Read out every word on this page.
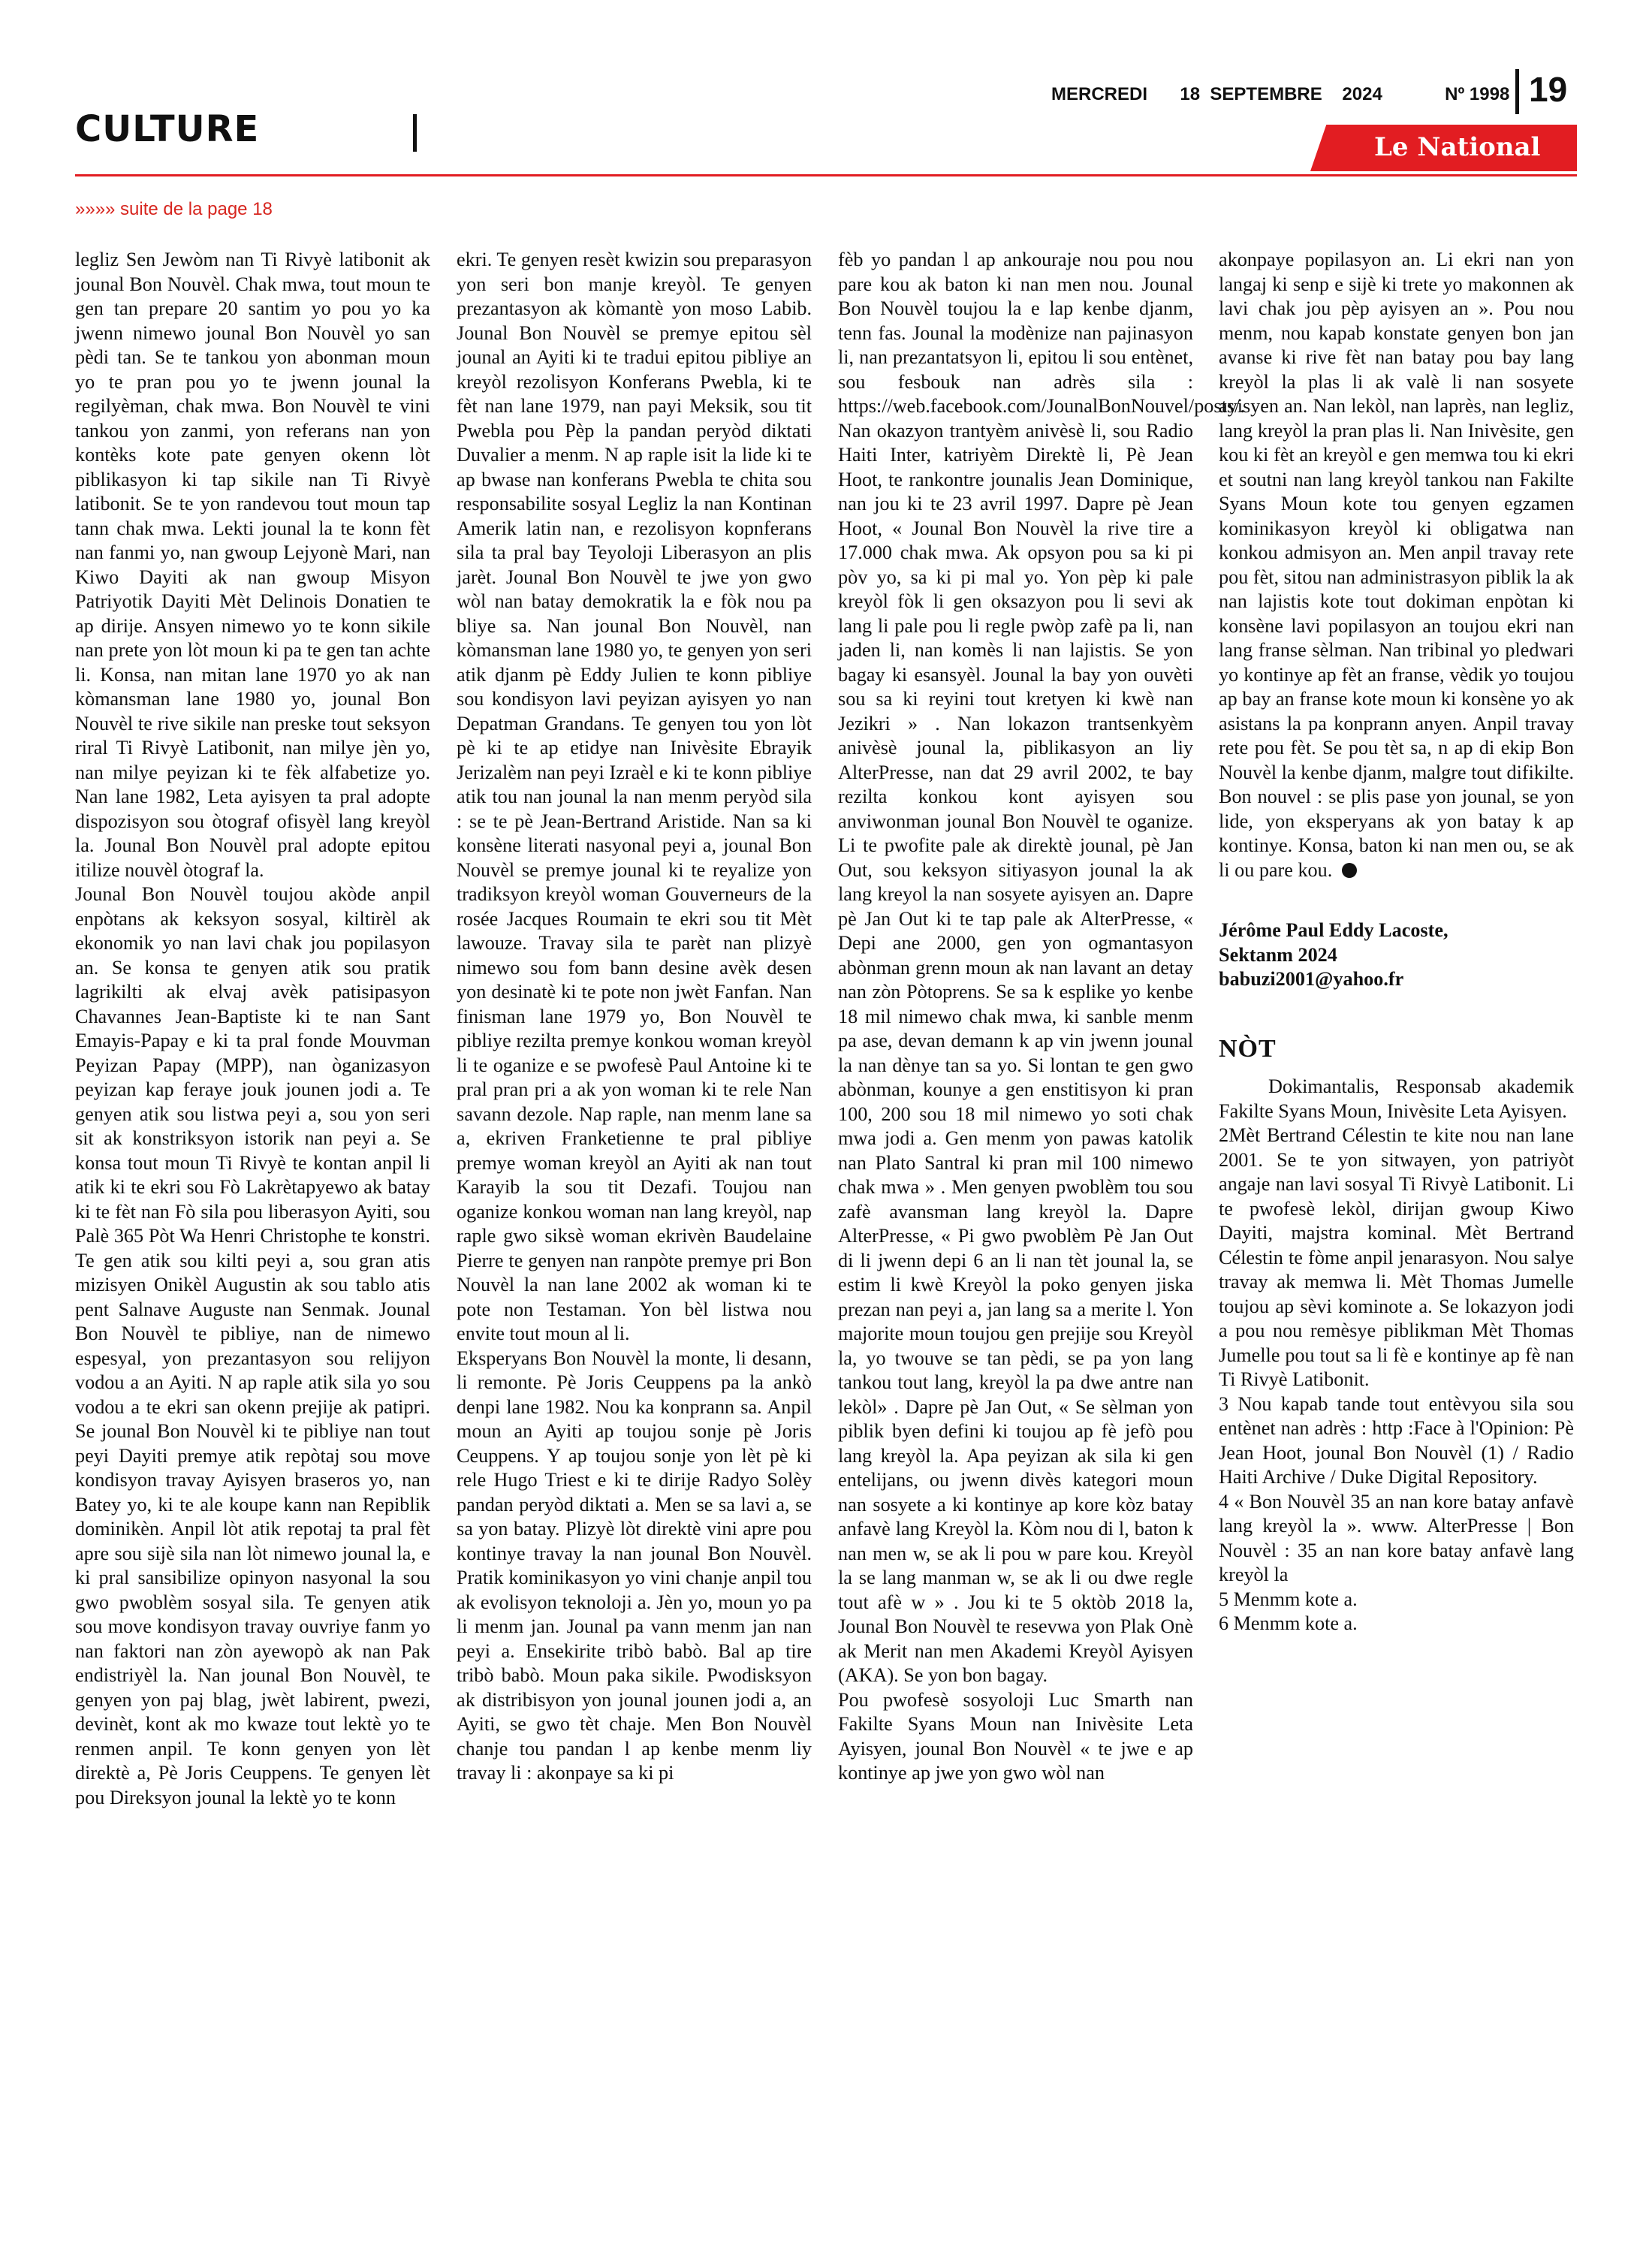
CULTURE
MERCREDI 18  SEPTEMBRE    2024	Nº 1998 19
Le National
»»»» suite de la page 18

legliz Sen Jewòm nan Ti Rivyè latibonit ak jounal Bon Nouvèl. Chak mwa, tout moun te gen tan prepare 20 santim yo pou yo ka jwenn nimewo jounal Bon Nouvèl yo san pèdi tan. Se te tankou yon abonman moun yo te pran pou yo te jwenn jounal la regilyèman, chak mwa. Bon Nouvèl te vini tankou yon zanmi, yon referans nan yon kontèks kote pate genyen okenn lòt piblikasyon ki tap sikile nan Ti Rivyè latibonit. Se te yon randevou tout moun tap tann chak mwa. Lekti jounal la te konn fèt nan fanmi yo, nan gwoup Lejyonè Mari, nan Kiwo Dayiti ak nan gwoup Misyon Patriyotik Dayiti Mèt Delinois Donatien te ap dirije. Ansyen nimewo yo te konn sikile nan prete yon lòt moun ki pa te gen tan achte li. Konsa, nan mitan lane 1970 yo ak nan kòmansman lane 1980 yo, jounal Bon Nouvèl te rive sikile nan preske tout seksyon riral Ti Rivyè Latibonit, nan milye jèn yo, nan milye peyizan ki te fèk alfabetize yo. Nan lane 1982, Leta ayisyen ta pral adopte dispozisyon sou òtograf ofisyèl lang kreyòl la. Jounal Bon Nouvèl pral adopte epitou itilize nouvèl òtograf la.

Jounal Bon Nouvèl toujou akòde anpil enpòtans ak keksyon sosyal, kiltirèl ak ekonomik yo nan lavi chak jou popilasyon an. Se konsa te genyen atik sou pratik lagrikilti ak elvaj avèk patisipasyon Chavannes Jean-Baptiste ki te nan Sant Emayis-Papay e ki ta pral fonde Mouvman Peyizan Papay (MPP), nan òganizasyon peyizan kap feraye jouk jounen jodi a. Te genyen atik sou listwa peyi a, sou yon seri sit ak konstriksyon istorik nan peyi a. Se konsa tout moun Ti Rivyè te kontan anpil li atik ki te ekri sou Fò Lakrètapyewo ak batay ki te fèt nan Fò sila pou liberasyon Ayiti, sou Palè 365 Pòt Wa Henri Christophe te konstri. Te gen atik sou kilti peyi a, sou gran atis mizisyen Onikèl Augustin ak sou tablo atis pent Salnave Auguste nan Senmak. Jounal Bon Nouvèl te pibliye, nan de nimewo espesyal, yon prezantasyon sou relijyon vodou a an Ayiti. N ap raple atik sila yo sou vodou a te ekri san okenn prejije ak patipri. Se jounal Bon Nouvèl ki te pibliye nan tout peyi Dayiti premye atik repòtaj sou move kondisyon travay Ayisyen braseros yo, nan Batey yo, ki te ale koupe kann nan Repiblik dominikèn. Anpil lòt atik repotaj ta pral fèt apre sou sijè sila nan lòt nimewo jounal la, e ki pral sansibilize opinyon nasyonal la sou gwo pwoblèm sosyal sila. Te genyen atik sou move kondisyon travay ouvriye fanm yo nan faktori nan zòn ayewopò ak nan Pak endistriyèl la. Nan jounal Bon Nouvèl, te genyen yon paj blag, jwèt labirent, pwezi, devinèt, kont ak mo kwaze tout lektè yo te renmen anpil. Te konn genyen yon lèt direktè a, Pè Joris Ceuppens. Te genyen lèt pou Direksyon jounal la lektè yo te konn

ekri. Te genyen resèt kwizin sou preparasyon yon seri bon manje kreyòl. Te genyen prezantasyon ak kòmantè yon moso Labib. Jounal Bon Nouvèl se premye epitou sèl jounal an Ayiti ki te tradui epitou pibliye an kreyòl rezolisyon Konferans Pwebla, ki te fèt nan lane 1979, nan payi Meksik, sou tit Pwebla pou Pèp la pandan peryòd diktati Duvalier a menm. N ap raple isit la lide ki te ap bwase nan konferans Pwebla te chita sou responsabilite sosyal Legliz la nan Kontinan Amerik latin nan, e rezolisyon kopnferans sila ta pral bay Teyoloji Liberasyon an plis jarèt. Jounal Bon Nouvèl te jwe yon gwo wòl nan batay demokratik la e fòk nou pa bliye sa. Nan jounal Bon Nouvèl, nan kòmansman lane 1980 yo, te genyen yon seri atik djanm pè Eddy Julien te konn pibliye sou kondisyon lavi peyizan ayisyen yo nan Depatman Grandans. Te genyen tou yon lòt pè ki te ap etidye nan Inivèsite Ebrayik Jerizalèm nan peyi Izraèl e ki te konn pibliye atik tou nan jounal la nan menm peryòd sila : se te pè Jean-Bertrand Aristide. Nan sa ki konsène literati nasyonal peyi a, jounal Bon Nouvèl se premye jounal ki te reyalize yon tradiksyon kreyòl woman Gouverneurs de la rosée Jacques Roumain te ekri sou tit Mèt lawouze. Travay sila te parèt nan plizyè nimewo sou fom bann desine avèk desen yon desinatè ki te pote non jwèt Fanfan. Nan finisman lane 1979 yo, Bon Nouvèl te pibliye rezilta premye konkou woman kreyòl li te oganize e se pwofesè Paul Antoine ki te pral pran pri a ak yon woman ki te rele Nan savann dezole. Nap raple, nan menm lane sa a, ekriven Franketienne te pral pibliye premye woman kreyòl an Ayiti ak nan tout Karayib la sou tit Dezafi. Toujou nan oganize konkou woman nan lang kreyòl, nap raple gwo siksè woman ekrivèn Baudelaine Pierre te genyen nan ranpòte premye pri Bon Nouvèl la nan lane 2002 ak woman ki te pote non Testaman. Yon bèl listwa nou envite tout moun al li.

Eksperyans Bon Nouvèl la monte, li desann, li remonte. Pè Joris Ceuppens pa la ankò denpi lane 1982. Nou ka konprann sa. Anpil moun an Ayiti ap toujou sonje pè Joris Ceuppens. Y ap toujou sonje yon lèt pè ki rele Hugo Triest e ki te dirije Radyo Solèy pandan peryòd diktati a. Men se sa lavi a, se sa yon batay. Plizyè lòt direktè vini apre pou kontinye travay la nan jounal Bon Nouvèl. Pratik kominikasyon yo vini chanje anpil tou ak evolisyon teknoloji a. Jèn yo, moun yo pa li menm jan. Jounal pa vann menm jan nan peyi a. Ensekirite tribò babò. Bal ap tire tribò babò. Moun paka sikile. Pwodisksyon ak distribisyon yon jounal jounen jodi a, an Ayiti, se gwo tèt chaje. Men Bon Nouvèl chanje tou pandan l ap kenbe menm liy travay li : akonpaye sa ki pi

fèb yo pandan l ap ankouraje nou pou nou pare kou ak baton ki nan men nou. Jounal Bon Nouvèl toujou la e lap kenbe djanm, tenn fas. Jounal la modènize nan pajinasyon li, nan prezantatsyon li, epitou li sou entènet, sou fesbouk nan adrès sila : https://web.facebook.com/JounalBonNouvel/posts/.

Nan okazyon trantyèm anivèsè li, sou Radio Haiti Inter, katriyèm Direktè li, Pè Jean Hoot, te rankontre jounalis Jean Dominique, nan jou ki te 23 avril 1997. Dapre pè Jean Hoot, « Jounal Bon Nouvèl la rive tire a 17.000 chak mwa. Ak opsyon pou sa ki pi pòv yo, sa ki pi mal yo. Yon pèp ki pale kreyòl fòk li gen oksazyon pou li sevi ak lang li pale pou li regle pwòp zafè pa li, nan jaden li, nan komès li nan lajistis. Se yon bagay ki esansyèl. Jounal la bay yon ouvèti sou sa ki reyini tout kretyen ki kwè nan Jezikri » . Nan lokazon trantsenkyèm anivèsè jounal la, piblikasyon an liy AlterPresse, nan dat 29 avril 2002, te bay rezilta konkou kont ayisyen sou anviwonman jounal Bon Nouvèl te oganize. Li te pwofite pale ak direktè jounal, pè Jan Out, sou keksyon sitiyasyon jounal la ak lang kreyol la nan sosyete ayisyen an. Dapre pè Jan Out ki te tap pale ak AlterPresse, « Depi ane 2000, gen yon ogmantasyon abònman grenn moun ak nan lavant an detay nan zòn Pòtoprens. Se sa k esplike yo kenbe 18 mil nimewo chak mwa, ki sanble menm pa ase, devan demann k ap vin jwenn jounal la nan dènye tan sa yo. Si lontan te gen gwo abònman, kounye a gen enstitisyon ki pran 100, 200 sou 18 mil nimewo yo soti chak mwa jodi a. Gen menm yon pawas katolik nan Plato Santral ki pran mil 100 nimewo chak mwa » . Men genyen pwoblèm tou sou zafè avansman lang kreyòl la. Dapre AlterPresse, « Pi gwo pwoblèm Pè Jan Out di li jwenn depi 6 an li nan tèt jounal la, se estim li kwè Kreyòl la poko genyen jiska prezan nan peyi a, jan lang sa a merite l. Yon majorite moun toujou gen prejije sou Kreyòl la, yo twouve se tan pèdi, se pa yon lang tankou tout lang, kreyòl la pa dwe antre nan lekòl» . Dapre pè Jan Out, « Se sèlman yon piblik byen defini ki toujou ap fè jefò pou lang kreyòl la. Apa peyizan ak sila ki gen entelijans, ou jwenn divès kategori moun nan sosyete a ki kontinye ap kore kòz batay anfavè lang Kreyòl la. Kòm nou di l, baton k nan men w, se ak li pou w pare kou. Kreyòl la se lang manman w, se ak li ou dwe regle tout afè w » . Jou ki te 5 oktòb 2018 la, Jounal Bon Nouvèl te resevwa yon Plak Onè ak Merit nan men Akademi Kreyòl Ayisyen (AKA). Se yon bon bagay.

Pou pwofesè sosyoloji Luc Smarth nan Fakilte Syans Moun nan Inivèsite Leta Ayisyen, jounal Bon Nouvèl « te jwe e ap kontinye ap jwe yon gwo wòl nan

akonpaye popilasyon an. Li ekri nan yon langaj ki senp e sijè ki trete yo makonnen ak lavi chak jou pèp ayisyen an ». Pou nou menm, nou kapab konstate genyen bon jan avanse ki rive fèt nan batay pou bay lang kreyòl la plas li ak valè li nan sosyete ayisyen an. Nan lekòl, nan laprès, nan legliz, lang kreyòl la pran plas li. Nan Inivèsite, gen kou ki fèt an kreyòl e gen memwa tou ki ekri et soutni nan lang kreyòl tankou nan Fakilte Syans Moun kote tou genyen egzamen kominikasyon kreyòl ki obligatwa nan konkou admisyon an. Men anpil travay rete pou fèt, sitou nan administrasyon piblik la ak nan lajistis kote tout dokiman enpòtan ki konsène lavi popilasyon an toujou ekri nan lang franse sèlman. Nan tribinal yo pledwari yo kontinye ap fèt an franse, vèdik yo toujou ap bay an franse kote moun ki konsène yo ak asistans la pa konprann anyen. Anpil travay rete pou fèt. Se pou tèt sa, n ap di ekip Bon Nouvèl la kenbe djanm, malgre tout difikilte. Bon nouvel : se plis pase yon jounal, se yon lide, yon eksperyans ak yon batay k ap kontinye. Konsa, baton ki nan men ou, se ak li ou pare kou.

Jérôme Paul Eddy Lacoste,

Sektanm 2024

babuzi2001@yahoo.fr

NÒT

Dokimantalis, Responsab akademik Fakilte Syans Moun, Inivèsite Leta Ayisyen.

2Mèt Bertrand Célestin te kite nou nan lane 2001. Se te yon sitwayen, yon patriyòt angaje nan lavi sosyal Ti Rivyè Latibonit. Li te pwofesè lekòl, dirijan gwoup Kiwo Dayiti, majstra kominal. Mèt Bertrand Célestin te fòme anpil jenarasyon. Nou salye travay ak memwa li. Mèt Thomas Jumelle toujou ap sèvi kominote a. Se lokazyon jodi a pou nou remèsye piblikman Mèt Thomas Jumelle pou tout sa li fè e kontinye ap fè nan Ti Rivyè Latibonit.

3 Nou kapab tande tout entèvyou sila sou entènet nan adrès : http :Face à l'Opinion: Pè Jean Hoot, jounal Bon Nouvèl (1) / Radio Haiti Archive / Duke Digital Repository.
4 « Bon Nouvèl 35 an nan kore batay anfavè lang kreyòl la ». www. AlterPresse | Bon Nouvèl : 35 an nan kore batay anfavè lang kreyòl la

5 Menmm kote a.

6 Menmm kote a.
